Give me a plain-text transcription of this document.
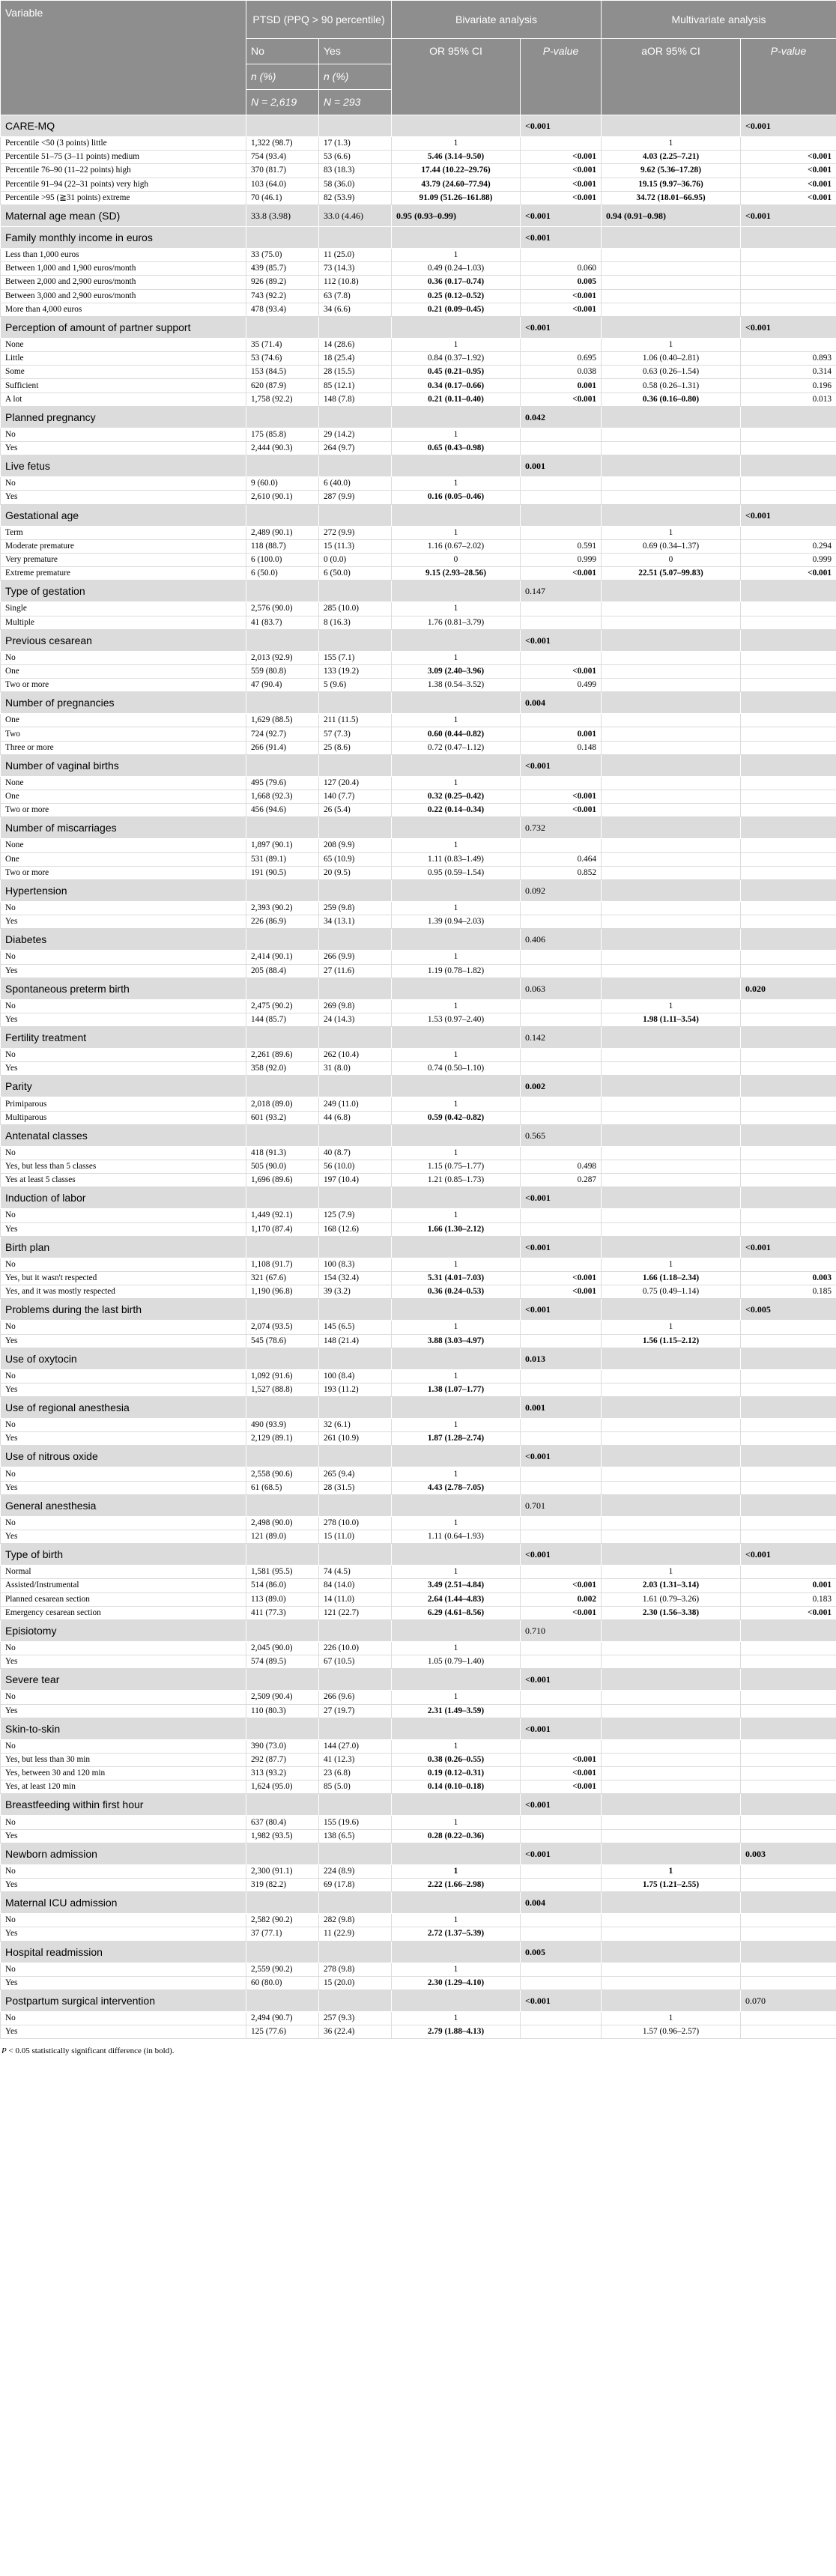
Variable	PTSD (PPQ > 90 percentile)		Bivariate analysis		Multivariate analysis	
	No	Yes	OR 95% CI	P-value	aOR 95% CI	P-value
	n (%)	n (%)				
	N = 2,619	N = 293				
CARE-MQ				<0.001		<0.001
Percentile <50 (3 points) little	1,322 (98.7)	17 (1.3)	1		1	
Percentile 51–75 (3–11 points) medium	754 (93.4)	53 (6.6)	5.46 (3.14–9.50)	<0.001	4.03 (2.25–7.21)	<0.001
Percentile 76–90 (11–22 points) high	370 (81.7)	83 (18.3)	17.44 (10.22–29.76)	<0.001	9.62 (5.36–17.28)	<0.001
Percentile 91–94 (22–31 points) very high	103 (64.0)	58 (36.0)	43.79 (24.60–77.94)	<0.001	19.15 (9.97–36.76)	<0.001
Percentile >95 (≧31 points) extreme	70 (46.1)	82 (53.9)	91.09 (51.26–161.88)	<0.001	34.72 (18.01–66.95)	<0.001
Maternal age mean (SD)	33.8 (3.98)	33.0 (4.46)	0.95 (0.93–0.99)	<0.001	0.94 (0.91–0.98)	<0.001
Family monthly income in euros				<0.001		
Less than 1,000 euros	33 (75.0)	11 (25.0)	1			
Between 1,000 and 1,900 euros/month	439 (85.7)	73 (14.3)	0.49 (0.24–1.03)	0.060		
Between 2,000 and 2,900 euros/month	926 (89.2)	112 (10.8)	0.36 (0.17–0.74)	0.005		
Between 3,000 and 2,900 euros/month	743 (92.2)	63 (7.8)	0.25 (0.12–0.52)	<0.001		
More than 4,000 euros	478 (93.4)	34 (6.6)	0.21 (0.09–0.45)	<0.001		
Perception of amount of partner support				<0.001		<0.001
None	35 (71.4)	14 (28.6)	1		1	
Little	53 (74.6)	18 (25.4)	0.84 (0.37–1.92)	0.695	1.06 (0.40–2.81)	0.893
Some	153 (84.5)	28 (15.5)	0.45 (0.21–0.95)	0.038	0.63 (0.26–1.54)	0.314
Sufficient	620 (87.9)	85 (12.1)	0.34 (0.17–0.66)	0.001	0.58 (0.26–1.31)	0.196
A lot	1,758 (92.2)	148 (7.8)	0.21 (0.11–0.40)	<0.001	0.36 (0.16–0.80)	0.013
Planned pregnancy				0.042		
No	175 (85.8)	29 (14.2)	1			
Yes	2,444 (90.3)	264 (9.7)	0.65 (0.43–0.98)			
Live fetus				0.001		
No	9 (60.0)	6 (40.0)	1			
Yes	2,610 (90.1)	287 (9.9)	0.16 (0.05–0.46)			
Gestational age						<0.001
Term	2,489 (90.1)	272 (9.9)	1		1	
Moderate premature	118 (88.7)	15 (11.3)	1.16 (0.67–2.02)	0.591	0.69 (0.34–1.37)	0.294
Very premature	6 (100.0)	0 (0.0)	0	0.999	0	0.999
Extreme premature	6 (50.0)	6 (50.0)	9.15 (2.93–28.56)	<0.001	22.51 (5.07–99.83)	<0.001
Type of gestation				0.147		
Single	2,576 (90.0)	285 (10.0)	1			
Multiple	41 (83.7)	8 (16.3)	1.76 (0.81–3.79)			
Previous cesarean				<0.001		
No	2,013 (92.9)	155 (7.1)	1			
One	559 (80.8)	133 (19.2)	3.09 (2.40–3.96)	<0.001		
Two or more	47 (90.4)	5 (9.6)	1.38 (0.54–3.52)	0.499		
Number of pregnancies				0.004		
One	1,629 (88.5)	211 (11.5)	1			
Two	724 (92.7)	57 (7.3)	0.60 (0.44–0.82)	0.001		
Three or more	266 (91.4)	25 (8.6)	0.72 (0.47–1.12)	0.148		
Number of vaginal births				<0.001		
None	495 (79.6)	127 (20.4)	1			
One	1,668 (92.3)	140 (7.7)	0.32 (0.25–0.42)	<0.001		
Two or more	456 (94.6)	26 (5.4)	0.22 (0.14–0.34)	<0.001		
Number of miscarriages				0.732		
None	1,897 (90.1)	208 (9.9)	1			
One	531 (89.1)	65 (10.9)	1.11 (0.83–1.49)	0.464		
Two or more	191 (90.5)	20 (9.5)	0.95 (0.59–1.54)	0.852		
Hypertension				0.092		
No	2,393 (90.2)	259 (9.8)	1			
Yes	226 (86.9)	34 (13.1)	1.39 (0.94–2.03)			
Diabetes				0.406		
No	2,414 (90.1)	266 (9.9)	1			
Yes	205 (88.4)	27 (11.6)	1.19 (0.78–1.82)			
Spontaneous preterm birth				0.063		0.020
No	2,475 (90.2)	269 (9.8)	1		1	
Yes	144 (85.7)	24 (14.3)	1.53 (0.97–2.40)		1.98 (1.11–3.54)	
Fertility treatment				0.142		
No	2,261 (89.6)	262 (10.4)	1			
Yes	358 (92.0)	31 (8.0)	0.74 (0.50–1.10)			
Parity				0.002		
Primiparous	2,018 (89.0)	249 (11.0)	1			
Multiparous	601 (93.2)	44 (6.8)	0.59 (0.42–0.82)			
Antenatal classes				0.565		
No	418 (91.3)	40 (8.7)	1			
Yes, but less than 5 classes	505 (90.0)	56 (10.0)	1.15 (0.75–1.77)	0.498		
Yes at least 5 classes	1,696 (89.6)	197 (10.4)	1.21 (0.85–1.73)	0.287		
Induction of labor				<0.001		
No	1,449 (92.1)	125 (7.9)	1			
Yes	1,170 (87.4)	168 (12.6)	1.66 (1.30–2.12)			
Birth plan				<0.001		<0.001
No	1,108 (91.7)	100 (8.3)	1		1	
Yes, but it wasn't respected	321 (67.6)	154 (32.4)	5.31 (4.01–7.03)	<0.001	1.66 (1.18–2.34)	0.003
Yes, and it was mostly respected	1,190 (96.8)	39 (3.2)	0.36 (0.24–0.53)	<0.001	0.75 (0.49–1.14)	0.185
Problems during the last birth				<0.001		<0.005
No	2,074 (93.5)	145 (6.5)	1		1	
Yes	545 (78.6)	148 (21.4)	3.88 (3.03–4.97)		1.56 (1.15–2.12)	
Use of oxytocin				0.013		
No	1,092 (91.6)	100 (8.4)	1			
Yes	1,527 (88.8)	193 (11.2)	1.38 (1.07–1.77)			
Use of regional anesthesia				0.001		
No	490 (93.9)	32 (6.1)	1			
Yes	2,129 (89.1)	261 (10.9)	1.87 (1.28–2.74)			
Use of nitrous oxide				<0.001		
No	2,558 (90.6)	265 (9.4)	1			
Yes	61 (68.5)	28 (31.5)	4.43 (2.78–7.05)			
General anesthesia				0.701		
No	2,498 (90.0)	278 (10.0)	1			
Yes	121 (89.0)	15 (11.0)	1.11 (0.64–1.93)			
Type of birth				<0.001		<0.001
Normal	1,581 (95.5)	74 (4.5)	1		1	
Assisted/Instrumental	514 (86.0)	84 (14.0)	3.49 (2.51–4.84)	<0.001	2.03 (1.31–3.14)	0.001
Planned cesarean section	113 (89.0)	14 (11.0)	2.64 (1.44–4.83)	0.002	1.61 (0.79–3.26)	0.183
Emergency cesarean section	411 (77.3)	121 (22.7)	6.29 (4.61–8.56)	<0.001	2.30 (1.56–3.38)	<0.001
Episiotomy				0.710		
No	2,045 (90.0)	226 (10.0)	1			
Yes	574 (89.5)	67 (10.5)	1.05 (0.79–1.40)			
Severe tear				<0.001		
No	2,509 (90.4)	266 (9.6)	1			
Yes	110 (80.3)	27 (19.7)	2.31 (1.49–3.59)			
Skin-to-skin				<0.001		
No	390 (73.0)	144 (27.0)	1			
Yes, but less than 30 min	292 (87.7)	41 (12.3)	0.38 (0.26–0.55)	<0.001		
Yes, between 30 and 120 min	313 (93.2)	23 (6.8)	0.19 (0.12–0.31)	<0.001		
Yes, at least 120 min	1,624 (95.0)	85 (5.0)	0.14 (0.10–0.18)	<0.001		
Breastfeeding within first hour				<0.001		
No	637 (80.4)	155 (19.6)	1			
Yes	1,982 (93.5)	138 (6.5)	0.28 (0.22–0.36)			
Newborn admission				<0.001		0.003
No	2,300 (91.1)	224 (8.9)	1		1	
Yes	319 (82.2)	69 (17.8)	2.22 (1.66–2.98)		1.75 (1.21–2.55)	
Maternal ICU admission				0.004		
No	2,582 (90.2)	282 (9.8)	1			
Yes	37 (77.1)	11 (22.9)	2.72 (1.37–5.39)			
Hospital readmission				0.005		
No	2,559 (90.2)	278 (9.8)	1			
Yes	60 (80.0)	15 (20.0)	2.30 (1.29–4.10)			
Postpartum surgical intervention				<0.001		0.070
No	2,494 (90.7)	257 (9.3)	1		1	
Yes	125 (77.6)	36 (22.4)	2.79 (1.88–4.13)		1.57 (0.96–2.57)	
P < 0.05 statistically significant difference (in bold).
